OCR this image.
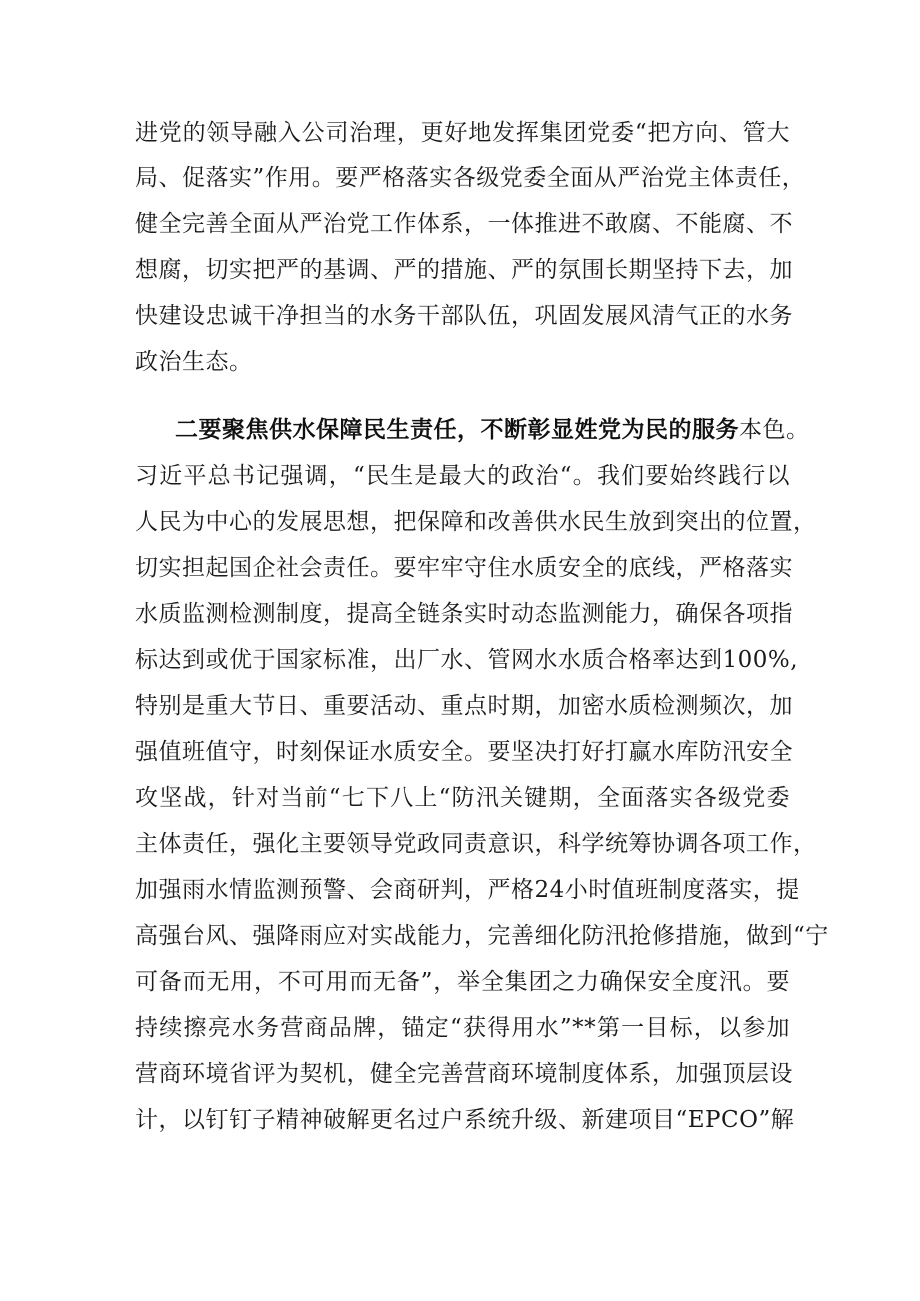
进党的领导融入公司治理，更好地发挥集团党委“把方向、管大
局、促落实”作用。要严格落实各级党委全面从严治党主体责任，
健全完善全面从严治党工作体系，一体推进不敢腐、不能腐、不
想腐，切实把严的基调、严的措施、严的氛围长期坚持下去，加
快建设忠诚干净担当的水务干部队伍，巩固发展风清气正的水务
政治生态。
二要聚焦供水保障民生责任，不断彰显姓党为民的服务本色。
习近平总书记强调，“民生是最大的政治“。我们要始终践行以
人民为中心的发展思想，把保障和改善供水民生放到突出的位置，
切实担起国企社会责任。要牢牢守住水质安全的底线，严格落实
水质监测检测制度，提高全链条实时动态监测能力，确保各项指
标达到或优于国家标准，出厂水、管网水水质合格率达到100%,
特别是重大节日、重要活动、重点时期，加密水质检测频次，加
强值班值守，时刻保证水质安全。要坚决打好打赢水库防汛安全
攻坚战，针对当前“七下八上“防汛关键期，全面落实各级党委
主体责任，强化主要领导党政同责意识，科学统筹协调各项工作，
加强雨水情监测预警、会商研判，严格24小时值班制度落实，提
高强台风、强降雨应对实战能力，完善细化防汛抢修措施，做到“宁
可备而无用，不可用而无备”，举全集团之力确保安全度汛。要
持续擦亮水务营商品牌，锚定“获得用水”**第一目标，以参加
营商环境省评为契机，健全完善营商环境制度体系，加强顶层设
计，以钉钉子精神破解更名过户系统升级、新建项目“EPCO”解
